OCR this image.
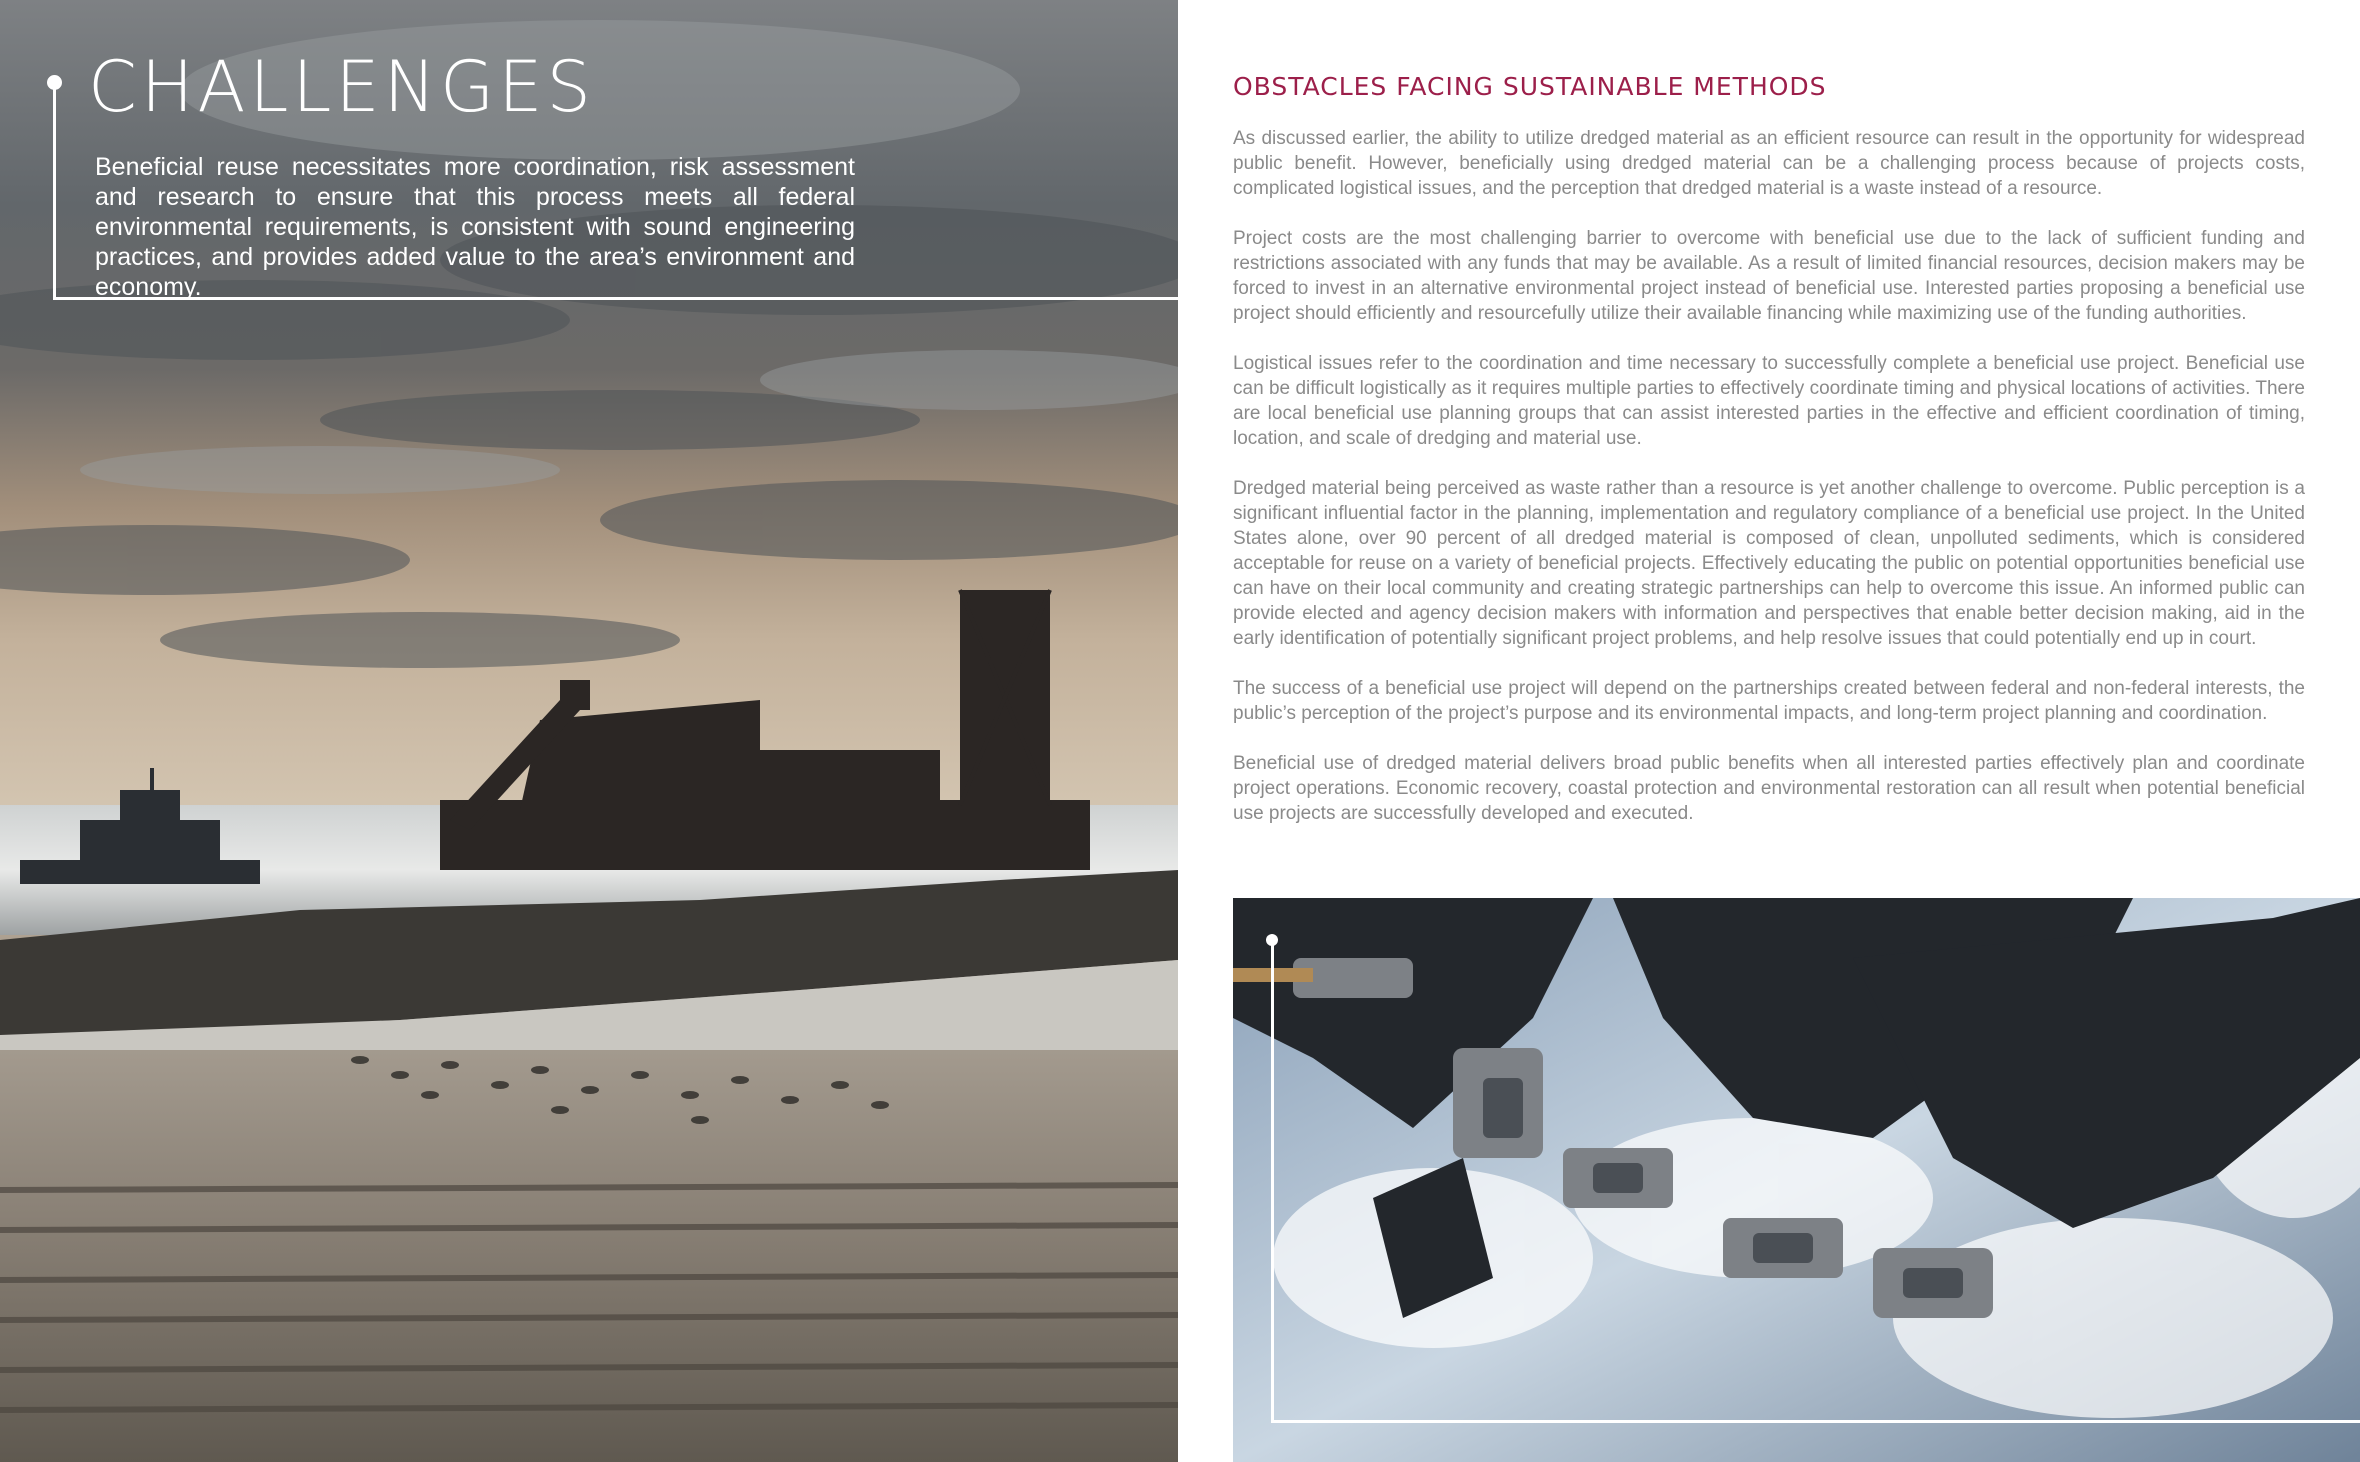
CHALLENGES

Beneficial reuse necessitates more coordination, risk assessment and research to ensure that this process meets all federal environmental requirements, is consistent with sound engineering practices, and provides added value to the area’s environment and economy.

OBSTACLES FACING SUSTAINABLE METHODS

As discussed earlier, the ability to utilize dredged material as an efficient resource can result in the opportunity for widespread public benefit. However, beneficially using dredged material can be a challenging process because of projects costs, complicated logistical issues, and the perception that dredged material is a waste instead of a resource.

Project costs are the most challenging barrier to overcome with beneficial use due to the lack of sufficient funding and restrictions associated with any funds that may be available. As a result of limited financial resources, decision makers may be forced to invest in an alternative environmental project instead of beneficial use. Interested parties proposing a beneficial use project should efficiently and resourcefully utilize their available financing while maximizing use of the funding authorities.

Logistical issues refer to the coordination and time necessary to successfully complete a beneficial use project. Beneficial use can be difficult logistically as it requires multiple parties to effectively coordinate timing and physical locations of activities. There are local beneficial use planning groups that can assist interested parties in the effective and efficient coordination of timing, location, and scale of dredging and material use.

Dredged material being perceived as waste rather than a resource is yet another challenge to overcome. Public perception is a significant influential factor in the planning, implementation and regulatory compliance of a beneficial use project. In the United States alone, over 90 percent of all dredged material is composed of clean, unpolluted sediments, which is considered acceptable for reuse on a variety of beneficial projects. Effectively educating the public on potential opportunities beneficial use can have on their local community and creating strategic partnerships can help to overcome this issue. An informed public can provide elected and agency decision makers with information and perspectives that enable better decision making, aid in the early identification of potentially significant project problems, and help resolve issues that could potentially end up in court.

The success of a beneficial use project will depend on the partnerships created between federal and non-federal interests, the public’s perception of the project’s purpose and its environmental impacts, and long-term project planning and coordination.

Beneficial use of dredged material delivers broad public benefits when all interested parties effectively plan and coordinate project operations. Economic recovery, coastal protection and environmental restoration can all result when potential beneficial use projects are successfully developed and executed.
